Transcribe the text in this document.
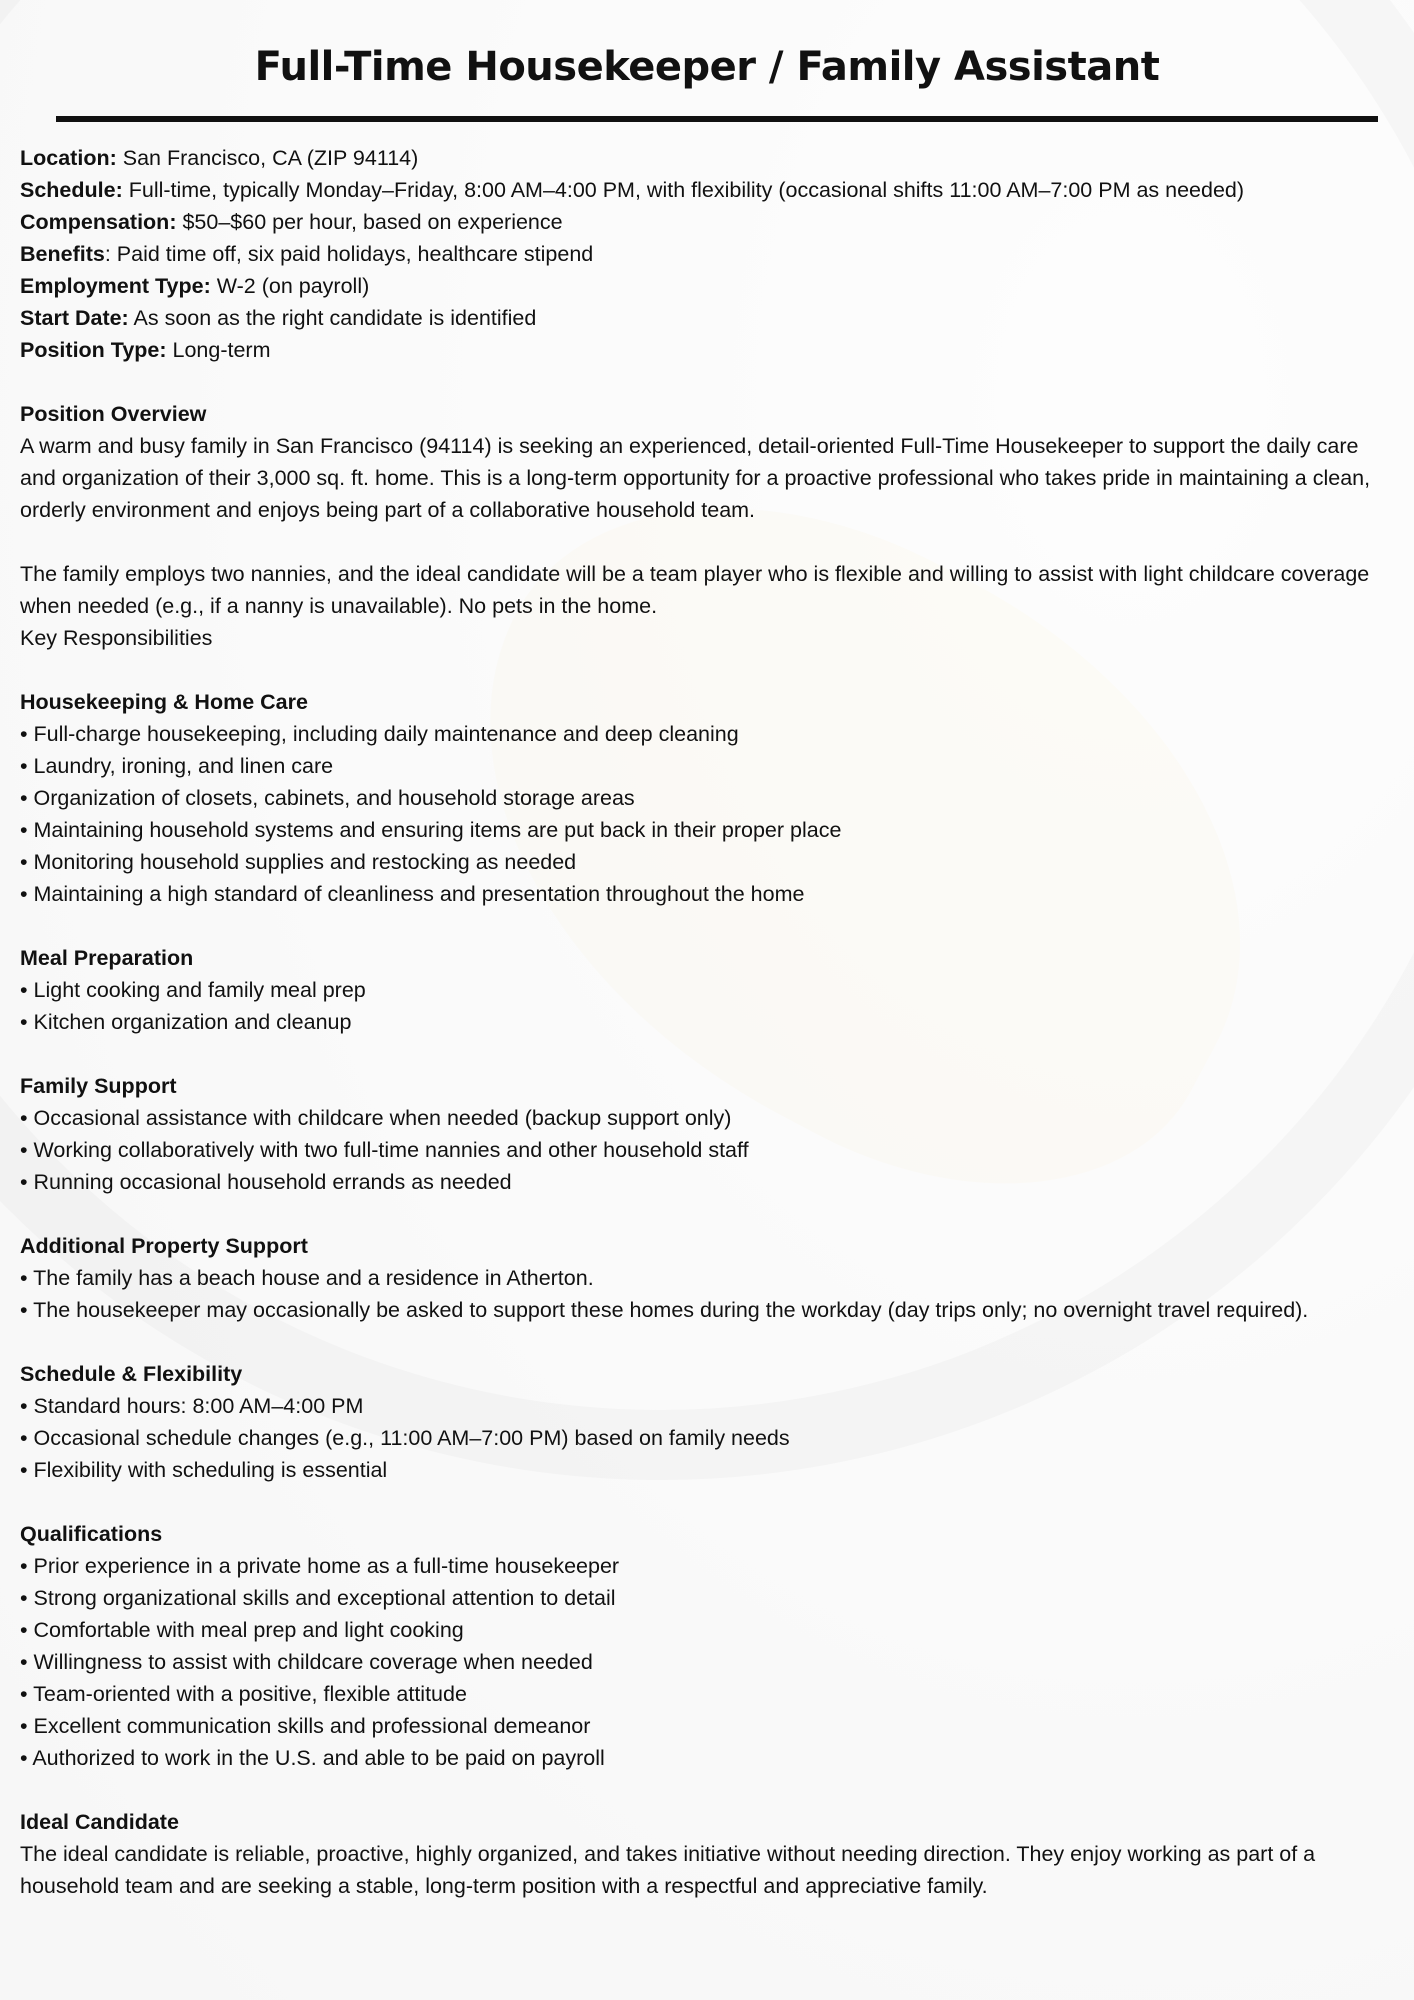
Full-Time Housekeeper / Family Assistant
Location: San Francisco, CA (ZIP 94114)
Schedule: Full-time, typically Monday–Friday, 8:00 AM–4:00 PM, with flexibility (occasional shifts 11:00 AM–7:00 PM as needed)
Compensation: $50–$60 per hour, based on experience
Benefits: Paid time off, six paid holidays, healthcare stipend
Employment Type: W-2 (on payroll)
Start Date: As soon as the right candidate is identified
Position Type: Long-term
Position Overview
A warm and busy family in San Francisco (94114) is seeking an experienced, detail-oriented Full-Time Housekeeper to support the daily care and organization of their 3,000 sq. ft. home. This is a long-term opportunity for a proactive professional who takes pride in maintaining a clean, orderly environment and enjoys being part of a collaborative household team.
The family employs two nannies, and the ideal candidate will be a team player who is flexible and willing to assist with light childcare coverage when needed (e.g., if a nanny is unavailable). No pets in the home.
Key Responsibilities
Housekeeping & Home Care
• Full-charge housekeeping, including daily maintenance and deep cleaning
• Laundry, ironing, and linen care
• Organization of closets, cabinets, and household storage areas
• Maintaining household systems and ensuring items are put back in their proper place
• Monitoring household supplies and restocking as needed
• Maintaining a high standard of cleanliness and presentation throughout the home
Meal Preparation
• Light cooking and family meal prep
• Kitchen organization and cleanup
Family Support
• Occasional assistance with childcare when needed (backup support only)
• Working collaboratively with two full-time nannies and other household staff
• Running occasional household errands as needed
Additional Property Support
• The family has a beach house and a residence in Atherton.
• The housekeeper may occasionally be asked to support these homes during the workday (day trips only; no overnight travel required).
Schedule & Flexibility
• Standard hours: 8:00 AM–4:00 PM
• Occasional schedule changes (e.g., 11:00 AM–7:00 PM) based on family needs
• Flexibility with scheduling is essential
Qualifications
• Prior experience in a private home as a full-time housekeeper
• Strong organizational skills and exceptional attention to detail
• Comfortable with meal prep and light cooking
• Willingness to assist with childcare coverage when needed
• Team-oriented with a positive, flexible attitude
• Excellent communication skills and professional demeanor
• Authorized to work in the U.S. and able to be paid on payroll
Ideal Candidate
The ideal candidate is reliable, proactive, highly organized, and takes initiative without needing direction. They enjoy working as part of a household team and are seeking a stable, long-term position with a respectful and appreciative family.
